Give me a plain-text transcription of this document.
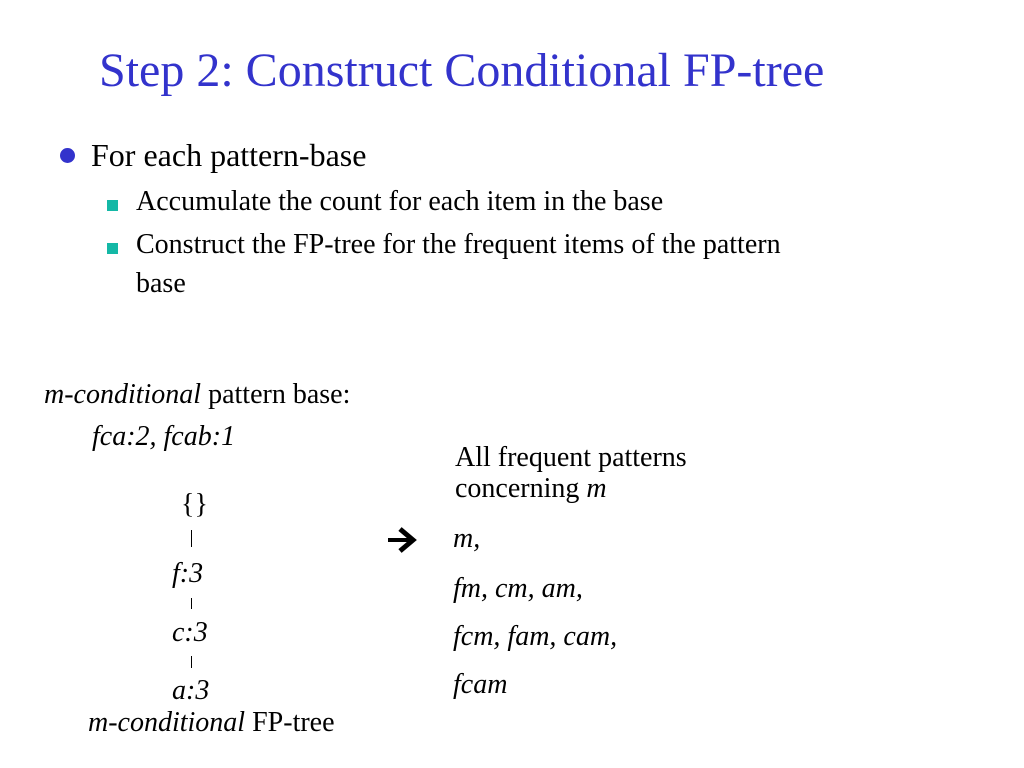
Step 2: Construct Conditional FP-tree
For each pattern-base
Accumulate the count for each item in the base
Construct the FP-tree for the frequent items of the pattern
base
m-conditional pattern base:
fca:2, fcab:1
{}
f:3
c:3
a:3
m-conditional FP-tree
All frequent patterns
concerning m
m,
fm, cm, am,
fcm, fam, cam,
fcam
